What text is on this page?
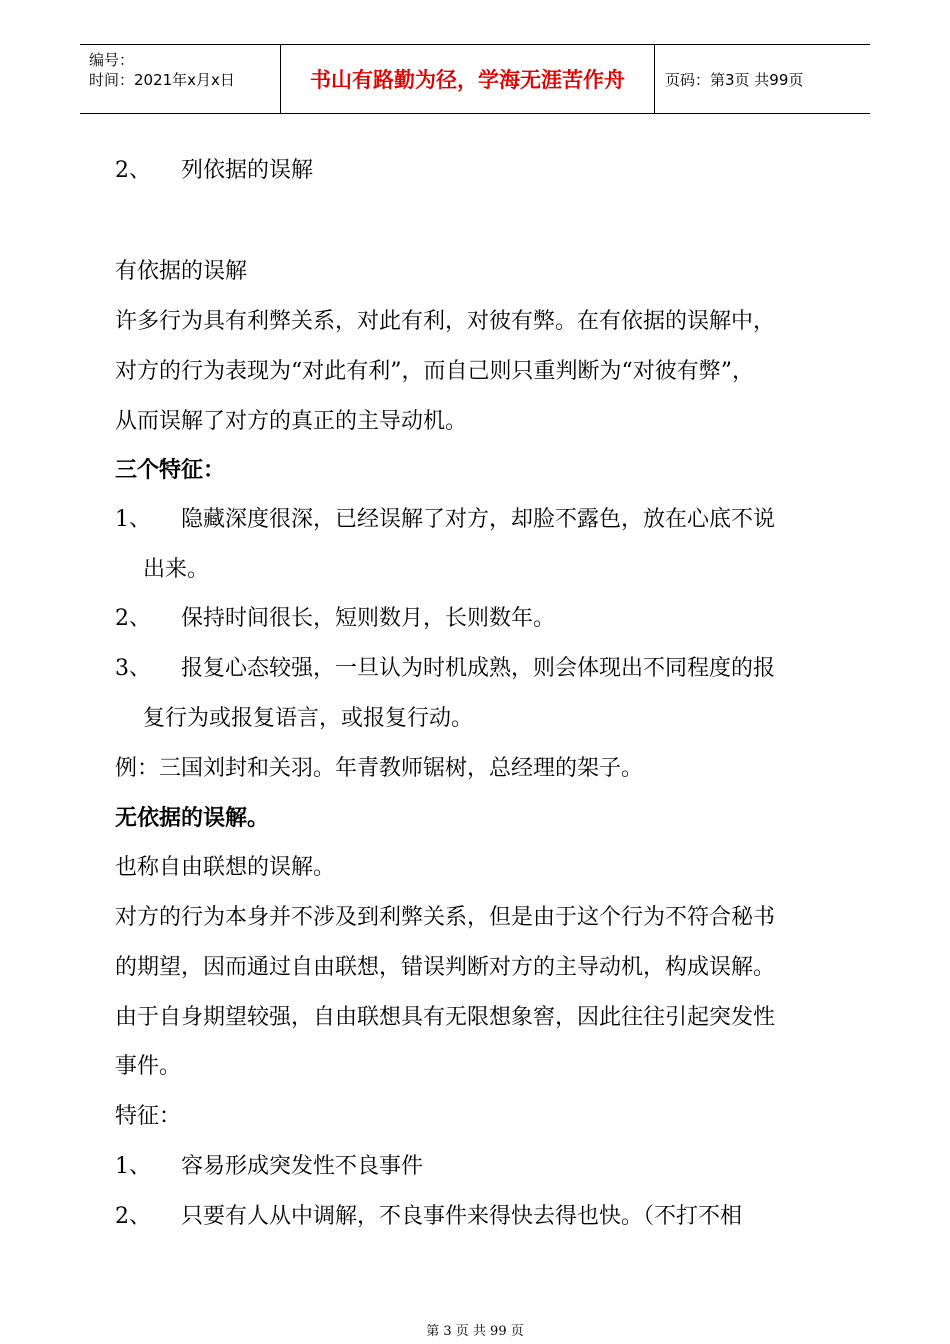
编号：
时间：2021年x月x日	书山有路勤为径，学海无涯苦作舟	页码：第3页 共99页
2、 列依据的误解
有依据的误解
许多行为具有利弊关系，对此有利，对彼有弊。在有依据的误解中，
对方的行为表现为“对此有利”，而自己则只重判断为“对彼有弊”，
从而误解了对方的真正的主导动机。
三个特征：
1、 隐藏深度很深，已经误解了对方，却脸不露色，放在心底不说
出来。
2、 保持时间很长，短则数月，长则数年。
3、 报复心态较强，一旦认为时机成熟，则会体现出不同程度的报
复行为或报复语言，或报复行动。
例：三国刘封和关羽。年青教师锯树，总经理的架子。
无依据的误解。
也称自由联想的误解。
对方的行为本身并不涉及到利弊关系，但是由于这个行为不符合秘书
的期望，因而通过自由联想，错误判断对方的主导动机，构成误解。
由于自身期望较强，自由联想具有无限想象窖，因此往往引起突发性
事件。
特征：
1、 容易形成突发性不良事件
2、 只要有人从中调解，不良事件来得快去得也快。（不打不相
第 3 页 共 99 页
